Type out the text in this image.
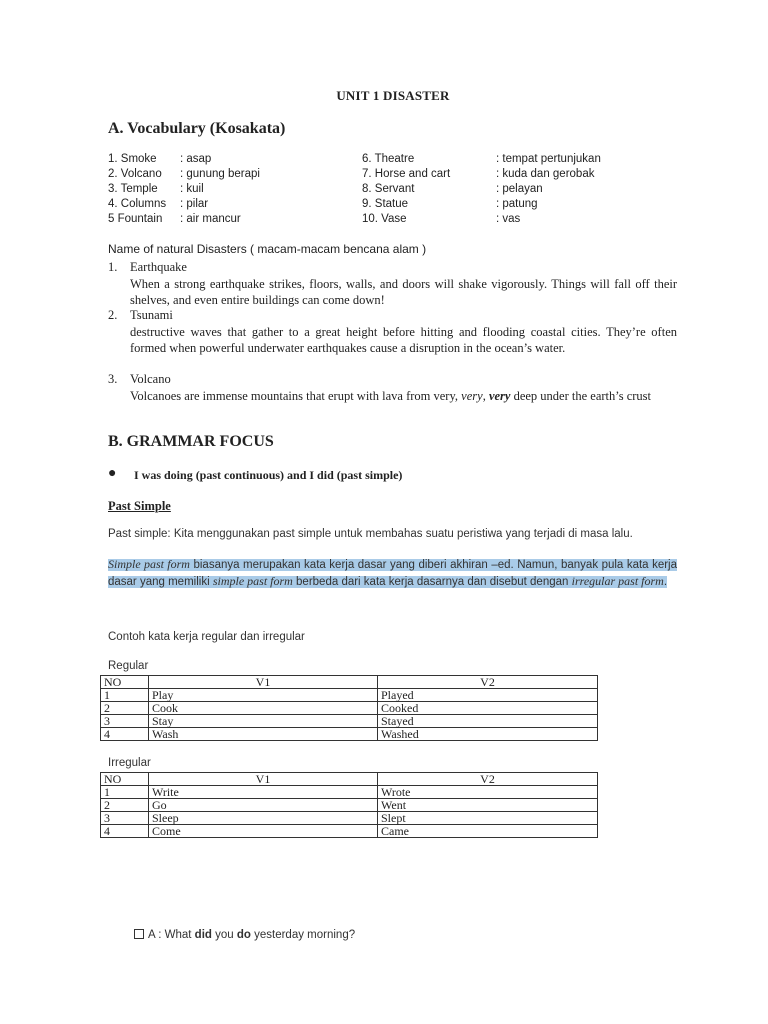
UNIT 1 DISASTER
A. Vocabulary (Kosakata)
1. Smoke : asap	6. Theatre	: tempat pertunjukan
2. Volcano : gunung berapi	7. Horse and cart	: kuda dan gerobak
3. Temple : kuil	8. Servant	: pelayan
4. Columns : pilar	9. Statue	: patung
5 Fountain : air mancur	10. Vase	: vas
Name of natural Disasters ( macam-macam bencana alam )
1. Earthquake
When a strong earthquake strikes, floors, walls, and doors will shake vigorously. Things will fall off their shelves, and even entire buildings can come down!
2. Tsunami
destructive waves that gather to a great height before hitting and flooding coastal cities. They’re often formed when powerful underwater earthquakes cause a disruption in the ocean’s water.
3. Volcano
Volcanoes are immense mountains that erupt with lava from very, very, very deep under the earth’s crust
B. GRAMMAR FOCUS
● I was doing (past continuous) and I did (past simple)
Past Simple
Past simple: Kita menggunakan past simple untuk membahas suatu peristiwa yang terjadi di masa lalu.
Simple past form biasanya merupakan kata kerja dasar yang diberi akhiran –ed. Namun, banyak pula kata kerja dasar yang memiliki simple past form berbeda dari kata kerja dasarnya dan disebut dengan irregular past form.
Contoh kata kerja regular dan irregular
Regular
NO	V1	V2
1	Play	Played
2	Cook	Cooked
3	Stay	Stayed
4	Wash	Washed
Irregular
NO	V1	V2
1	Write	Wrote
2	Go	Went
3	Sleep	Slept
4	Come	Came
A : What did you do yesterday morning?
